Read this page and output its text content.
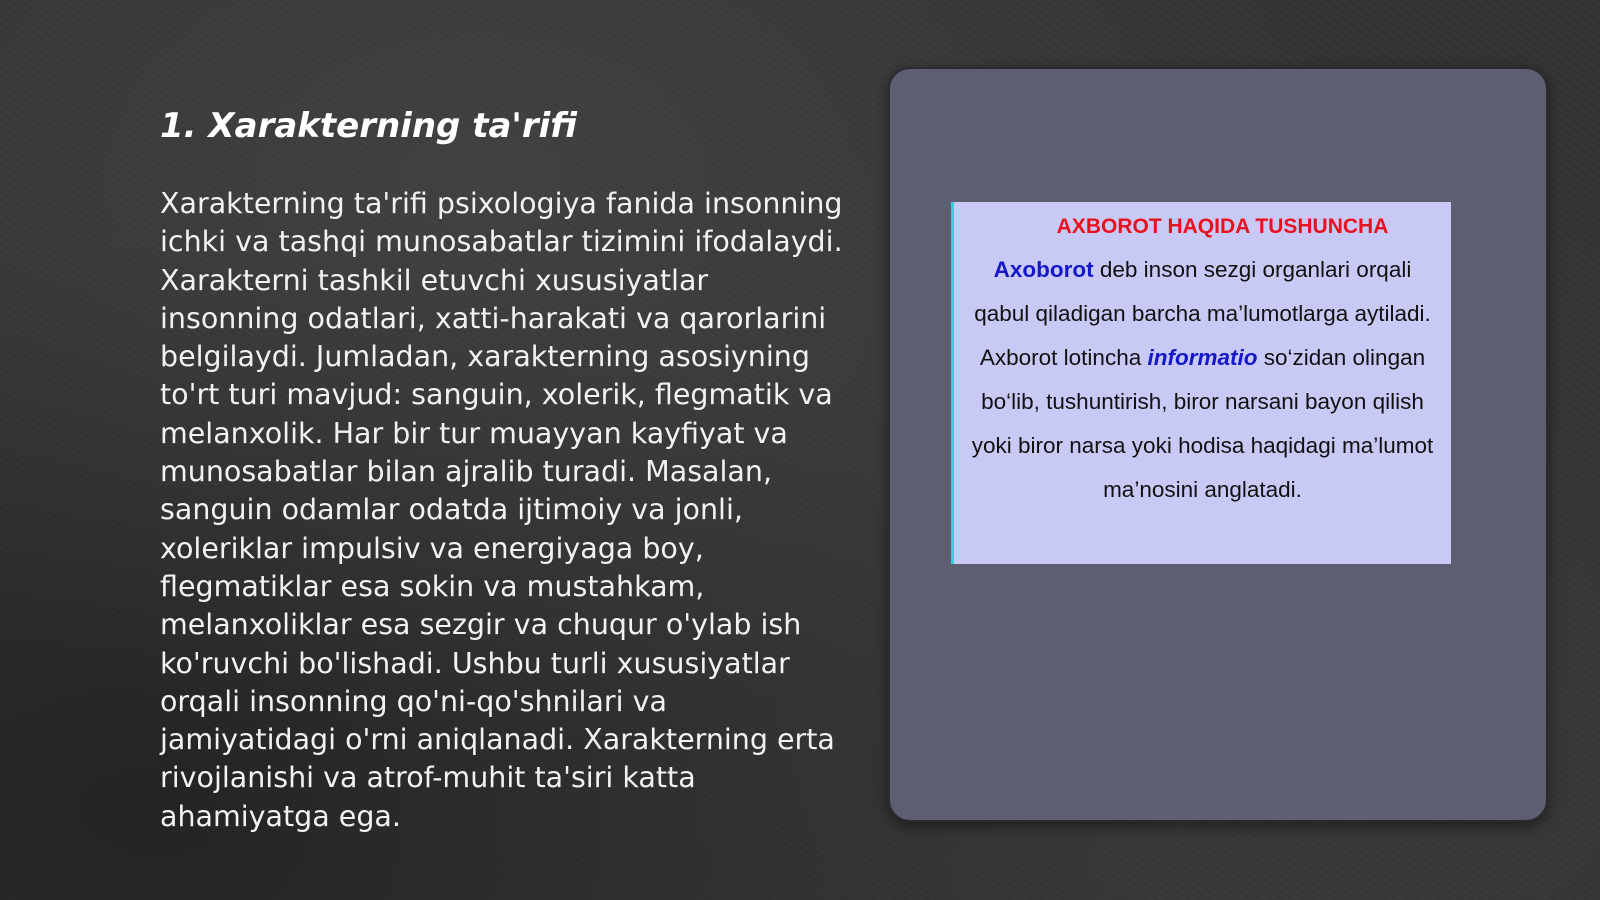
1. Xarakterning ta'rifi

Xarakterning ta'rifi psixologiya fanida insonning ichki va tashqi munosabatlar tizimini ifodalaydi. Xarakterni tashkil etuvchi xususiyatlar insonning odatlari, xatti-harakati va qarorlarini belgilaydi. Jumladan, xarakterning asosiyning to'rt turi mavjud: sanguin, xolerik, flegmatik va melanxolik. Har bir tur muayyan kayfiyat va munosabatlar bilan ajralib turadi. Masalan, sanguin odamlar odatda ijtimoiy va jonli, xoleriklar impulsiv va energiyaga boy, flegmatiklar esa sokin va mustahkam, melanxoliklar esa sezgir va chuqur o'ylab ish ko'ruvchi bo'lishadi. Ushbu turli xususiyatlar orqali insonning qo'ni-qo'shnilari va jamiyatidagi o'rni aniqlanadi. Xarakterning erta rivojlanishi va atrof-muhit ta'siri katta ahamiyatga ega.

AXBOROT HAQIDA TUSHUNCHA

Axoborot deb inson sezgi organlari orqali qabul qiladigan barcha ma’lumotlarga aytiladi. Axborot lotincha informatio so‘zidan olingan bo‘lib, tushuntirish, biror narsani bayon qilish yoki biror narsa yoki hodisa haqidagi ma’lumot ma’nosini anglatadi.
